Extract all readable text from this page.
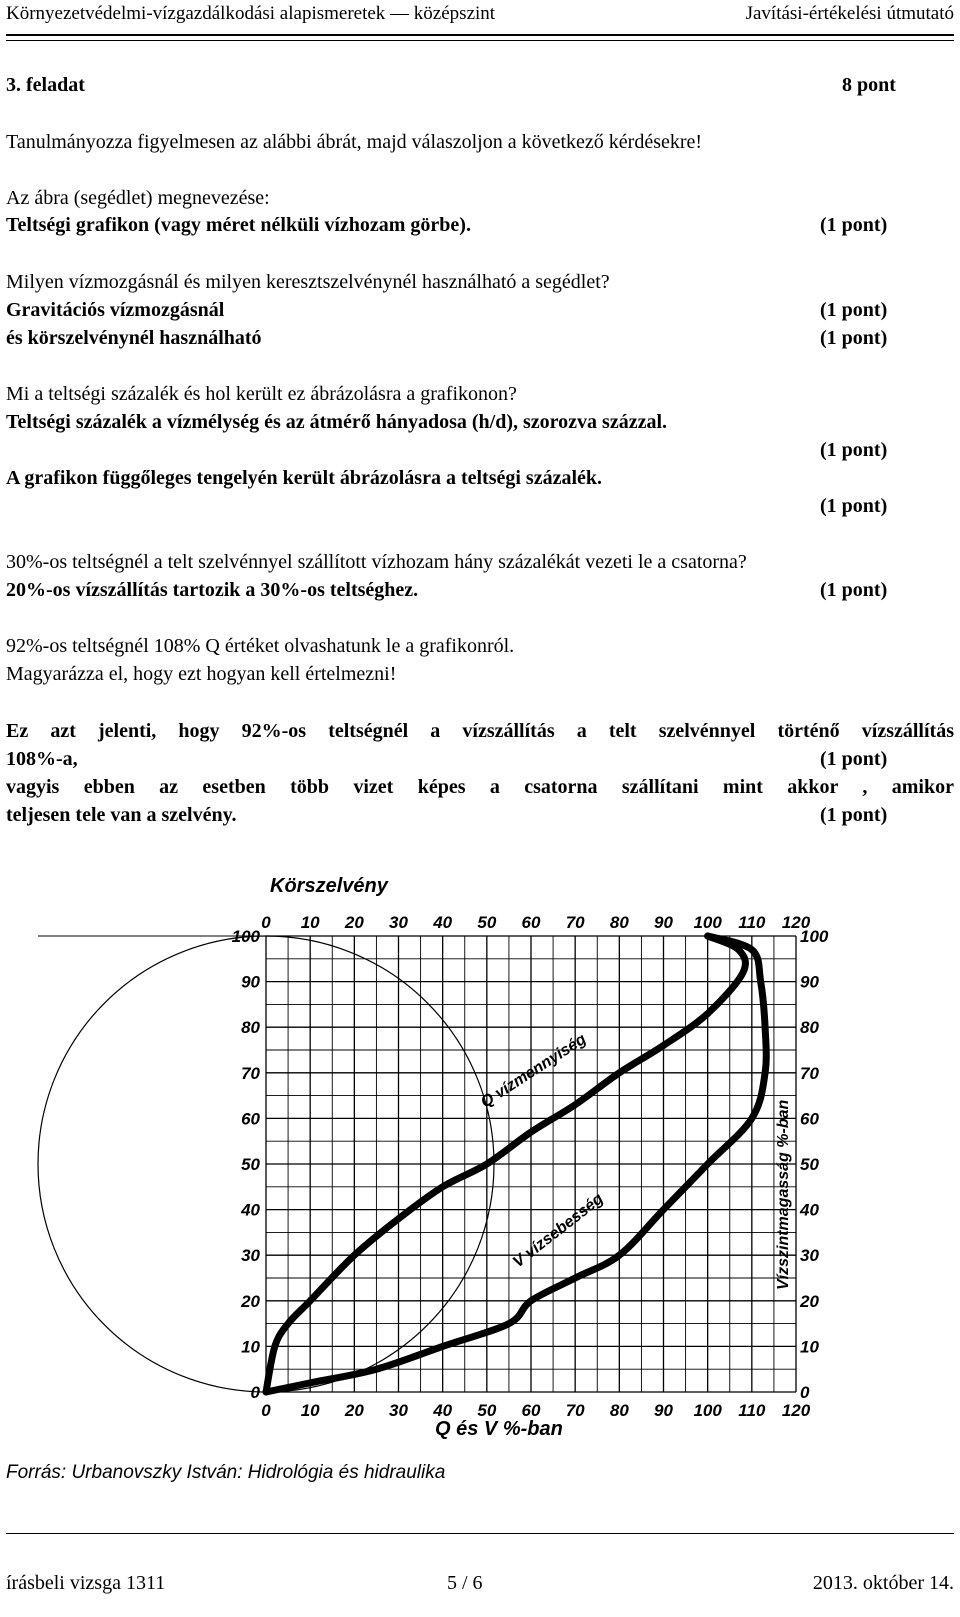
Környezetvédelmi-vízgazdálkodási alapismeretek — középszint	Javítási-értékelési útmutató
3. feladat	8 pont
Tanulmányozza figyelmesen az alábbi ábrát, majd válaszoljon a következő kérdésekre!
Az ábra (segédlet) megnevezése:
Teltségi grafikon (vagy méret nélküli vízhozam görbe).	(1 pont)
Milyen vízmozgásnál és milyen keresztszelvénynél használható a segédlet?
Gravitációs vízmozgásnál	(1 pont)
és körszelvénynél használható	(1 pont)
Mi a teltségi százalék és hol került ez ábrázolásra a grafikonon?
Teltségi százalék a vízmélység és az átmérő hányadosa (h/d), szorozva százzal.
(1 pont)
A grafikon függőleges tengelyén került ábrázolásra a teltségi százalék.
(1 pont)
30%-os teltségnél a telt szelvénnyel szállított vízhozam hány százalékát vezeti le a csatorna?
20%-os vízszállítás tartozik a 30%-os teltséghez.	(1 pont)
92%-os teltségnél 108% Q értéket olvashatunk le a grafikonról.
Magyarázza el, hogy ezt hogyan kell értelmezni!
Ez azt jelenti, hogy 92%-os teltségnél a vízszállítás a telt szelvénnyel történő vízszállítás
108%-a,	(1 pont)
vagyis ebben az esetben több vizet képes a csatorna szállítani mint akkor , amikor
teljesen tele van a szelvény.	(1 pont)
0 10 20 30 40 50 60 70 80 90 100 110 120
0 10 20 30 40 50 60 70 80 90 100 110 120
100
90
80
70
60
50
40
30
20
10
0
100
90
80
70
60
50
40
30
20
10
0
Körszelvény
Q és V %-ban
Q vízmennyiség
V vízsebesség	Vízszintmagasság %-ban
Forrás: Urbanovszky István: Hidrológia és hidraulika
írásbeli vizsga 1311	5 / 6	2013. október 14.
